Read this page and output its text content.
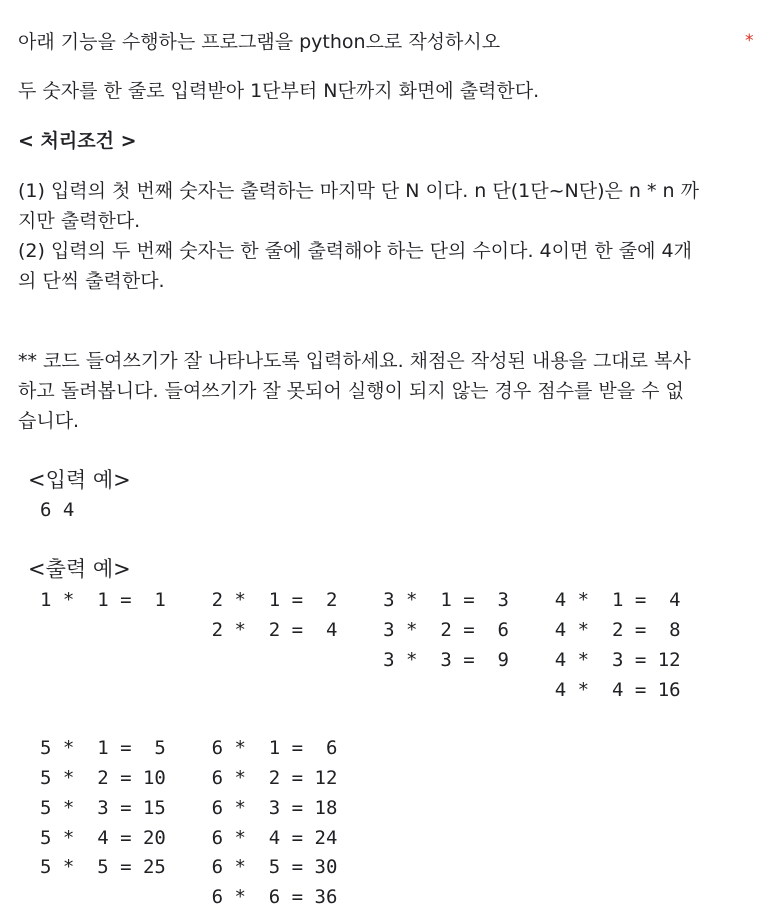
아래 기능을 수행하는 프로그램을 python으로 작성하시오	*
두 숫자를 한 줄로 입력받아 1단부터 N단까지 화면에 출력한다.
< 처리조건 >
(1) 입력의 첫 번째 숫자는 출력하는 마지막 단 N 이다. n 단(1단~N단)은 n * n 까
지만 출력한다.
(2) 입력의 두 번째 숫자는 한 줄에 출력해야 하는 단의 수이다. 4이면 한 줄에 4개
의 단씩 출력한다.
** 코드 들여쓰기가 잘 나타나도록 입력하세요. 채점은 작성된 내용을 그대로 복사
하고 돌려봅니다. 들여쓰기가 잘 못되어 실행이 되지 않는 경우 점수를 받을 수 없
습니다.
<입력 예>
6 4
<출력 예>
1 *  1 =  1    2 *  1 =  2    3 *  1 =  3    4 *  1 =  4
2 *  2 =  4    3 *  2 =  6    4 *  2 =  8
3 *  3 =  9    4 *  3 = 12
4 *  4 = 16
5 *  1 =  5    6 *  1 =  6
5 *  2 = 10    6 *  2 = 12
5 *  3 = 15    6 *  3 = 18
5 *  4 = 20    6 *  4 = 24
5 *  5 = 25    6 *  5 = 30
6 *  6 = 36
